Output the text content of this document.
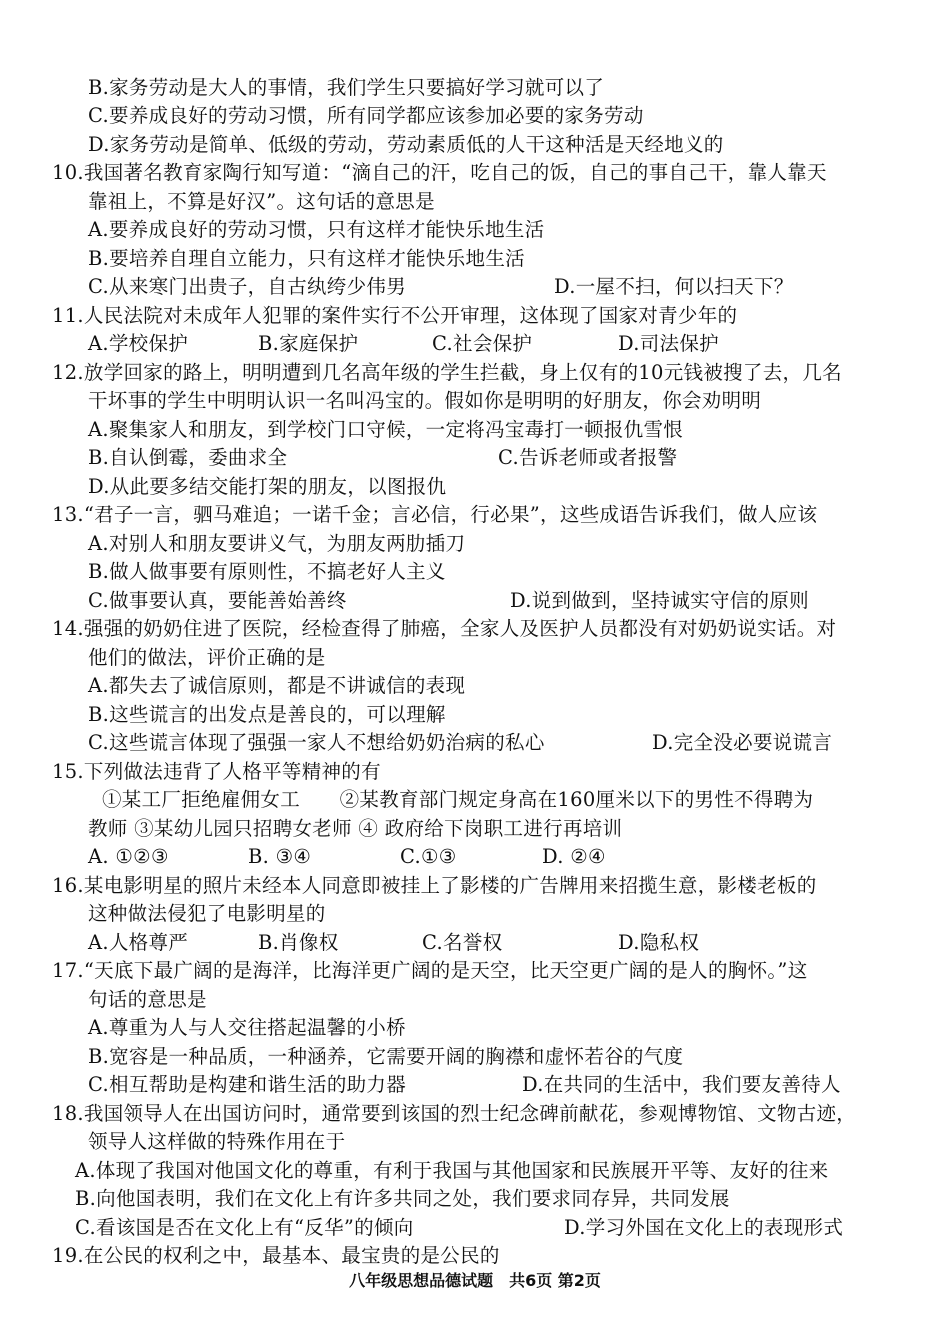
B.家务劳动是大人的事情，我们学生只要搞好学习就可以了
C.要养成良好的劳动习惯，所有同学都应该参加必要的家务劳动
D.家务劳动是简单、低级的劳动，劳动素质低的人干这种活是天经地义的
10.我国著名教育家陶行知写道：“滴自己的汗，吃自己的饭，自己的事自己干，靠人靠天
靠祖上，不算是好汉”。这句话的意思是
A.要养成良好的劳动习惯，只有这样才能快乐地生活
B.要培养自理自立能力，只有这样才能快乐地生活
C.从来寒门出贵子，自古纨绔少伟男	D.一屋不扫，何以扫天下？
11.人民法院对未成年人犯罪的案件实行不公开审理，这体现了国家对青少年的
A.学校保护	B.家庭保护	C.社会保护	D.司法保护
12.放学回家的路上，明明遭到几名高年级的学生拦截，身上仅有的10元钱被搜了去，几名
干坏事的学生中明明认识一名叫冯宝的。假如你是明明的好朋友，你会劝明明
A.聚集家人和朋友，到学校门口守候，一定将冯宝毒打一顿报仇雪恨
B.自认倒霉，委曲求全	C.告诉老师或者报警
D.从此要多结交能打架的朋友，以图报仇
13.“君子一言，驷马难追；一诺千金；言必信，行必果”，这些成语告诉我们，做人应该
A.对别人和朋友要讲义气，为朋友两肋插刀
B.做人做事要有原则性，不搞老好人主义
C.做事要认真，要能善始善终	D.说到做到，坚持诚实守信的原则
14.强强的奶奶住进了医院，经检查得了肺癌，全家人及医护人员都没有对奶奶说实话。对
他们的做法，评价正确的是
A.都失去了诚信原则，都是不讲诚信的表现
B.这些谎言的出发点是善良的，可以理解
C.这些谎言体现了强强一家人不想给奶奶治病的私心	D.完全没必要说谎言
15.下列做法违背了人格平等精神的有
①某工厂拒绝雇佣女工　　②某教育部门规定身高在160厘米以下的男性不得聘为
教师 ③某幼儿园只招聘女老师 ④ 政府给下岗职工进行再培训
A. ①②③	B. ③④	C.①③	D. ②④
16.某电影明星的照片未经本人同意即被挂上了影楼的广告牌用来招揽生意，影楼老板的
这种做法侵犯了电影明星的
A.人格尊严	B.肖像权	C.名誉权	D.隐私权
17.“天底下最广阔的是海洋，比海洋更广阔的是天空，比天空更广阔的是人的胸怀。”这
句话的意思是
A.尊重为人与人交往搭起温馨的小桥
B.宽容是一种品质，一种涵养，它需要开阔的胸襟和虚怀若谷的气度
C.相互帮助是构建和谐生活的助力器	D.在共同的生活中，我们要友善待人
18.我国领导人在出国访问时，通常要到该国的烈士纪念碑前献花，参观博物馆、文物古迹，
领导人这样做的特殊作用在于
A.体现了我国对他国文化的尊重，有利于我国与其他国家和民族展开平等、友好的往来
B.向他国表明，我们在文化上有许多共同之处，我们要求同存异，共同发展
C.看该国是否在文化上有“反华”的倾向	D.学习外国在文化上的表现形式
19.在公民的权利之中，最基本、最宝贵的是公民的
八年级思想品德试题　共6页 第2页
